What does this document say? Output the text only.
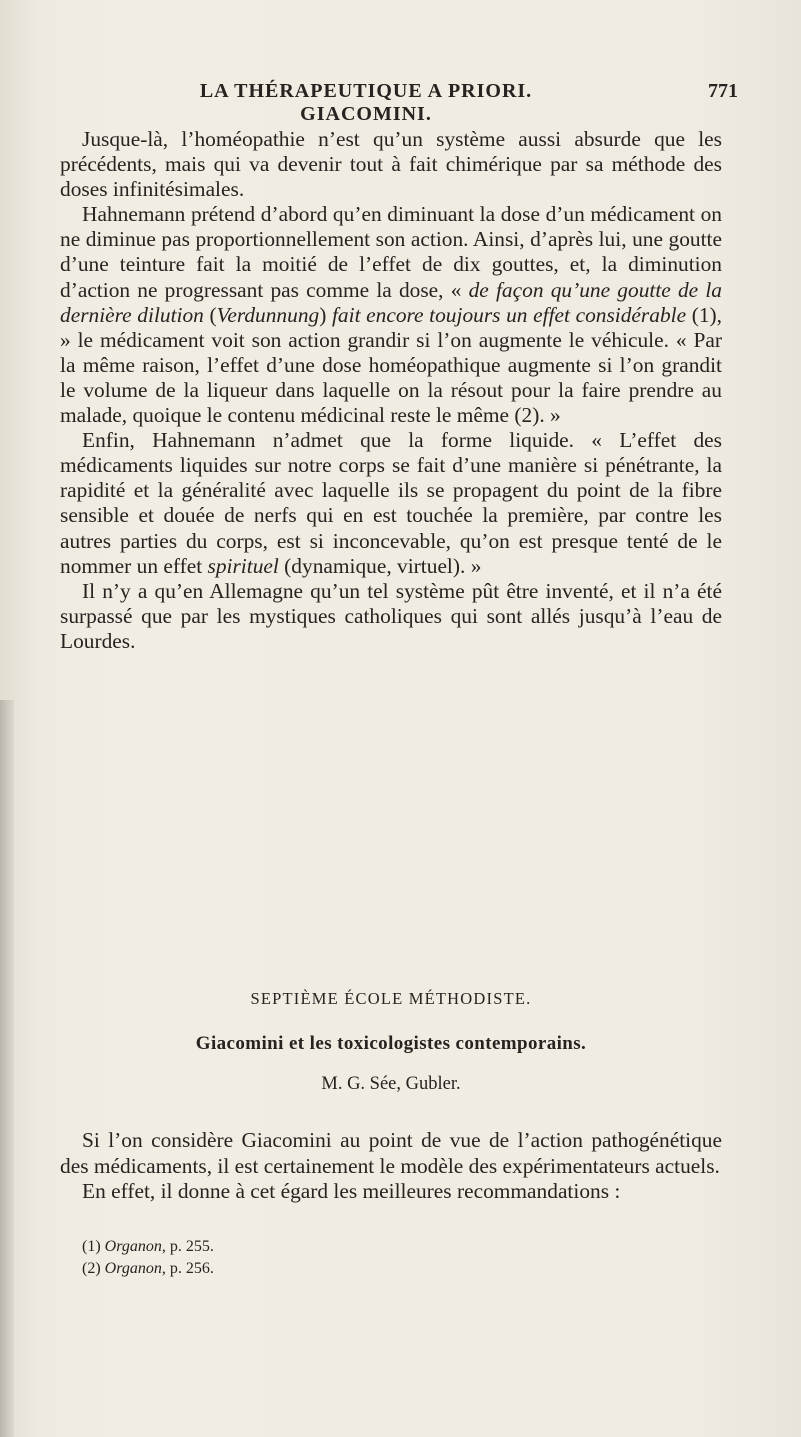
LA THÉRAPEUTIQUE A PRIORI. GIACOMINI.
771

Jusque-là, l’homéopathie n’est qu’un système aussi absurde que les précédents, mais qui va devenir tout à fait chimérique par sa méthode des doses infinitésimales.

Hahnemann prétend d’abord qu’en diminuant la dose d’un médicament on ne diminue pas proportionnellement son action. Ainsi, d’après lui, une goutte d’une teinture fait la moitié de l’effet de dix gouttes, et, la diminution d’action ne progressant pas comme la dose, « de façon qu’une goutte de la dernière dilution (Verdunnung) fait encore toujours un effet considérable (1), » le médicament voit son action grandir si l’on augmente le véhicule. « Par la même raison, l’effet d’une dose homéopathique augmente si l’on grandit le volume de la liqueur dans laquelle on la résout pour la faire prendre au malade, quoique le contenu médicinal reste le même (2). »

Enfin, Hahnemann n’admet que la forme liquide. « L’effet des médicaments liquides sur notre corps se fait d’une manière si pénétrante, la rapidité et la généralité avec laquelle ils se propagent du point de la fibre sensible et douée de nerfs qui en est touchée la première, par contre les autres parties du corps, est si inconcevable, qu’on est presque tenté de le nommer un effet spirituel (dynamique, virtuel). »

Il n’y a qu’en Allemagne qu’un tel système pût être inventé, et il n’a été surpassé que par les mystiques catholiques qui sont allés jusqu’à l’eau de Lourdes.

SEPTIÈME ÉCOLE MÉTHODISTE.
Giacomini et les toxicologistes contemporains.
M. G. Sée, Gubler.

Si l’on considère Giacomini au point de vue de l’action pathogénétique des médicaments, il est certainement le modèle des expérimentateurs actuels.

En effet, il donne à cet égard les meilleures recommandations :

(1) Organon, p. 255.
(2) Organon, p. 256.
